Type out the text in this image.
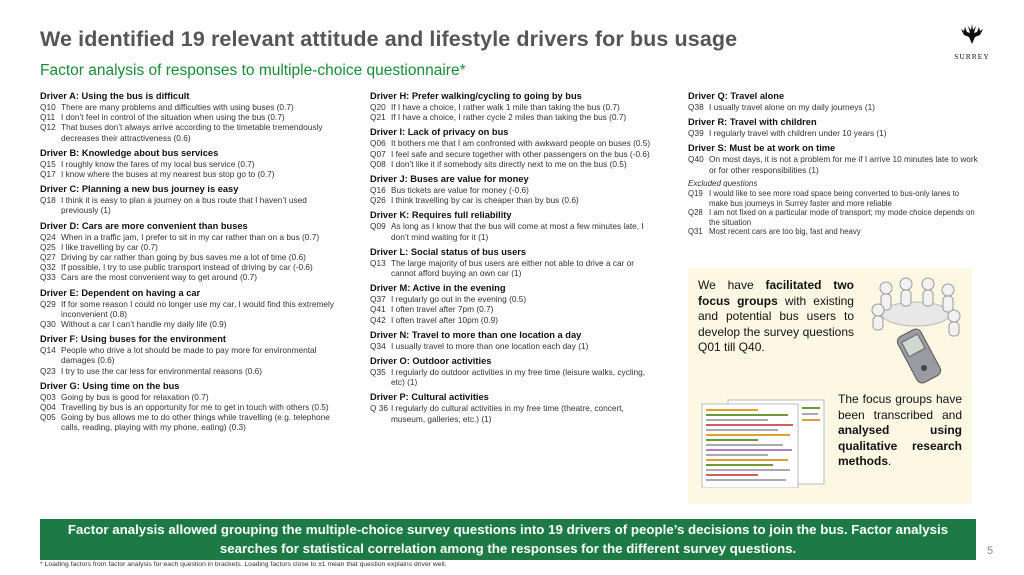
We identified 19 relevant attitude and lifestyle drivers for bus usage
Factor analysis of responses to multiple-choice questionnaire*
SURREY
Driver A: Using the bus is difficult
Q10 There are many problems and difficulties with using buses (0.7)
Q11 I don’t feel in control of the situation when using the bus (0.7)
Q12 That buses don’t always arrive according to the timetable tremendously decreases their attractiveness (0.6)
Driver B: Knowledge about bus services
Q15 I roughly know the fares of my local bus service (0.7)
Q17 I know where the buses at my nearest bus stop go to (0.7)
Driver C: Planning a new bus journey is easy
Q18 I think it is easy to plan a journey on a bus route that I haven’t used previously (1)
Driver D: Cars are more convenient than buses
Q24 When in a traffic jam, I prefer to sit in my car rather than on a bus (0.7)
Q25 I like travelling by car (0.7)
Q27 Driving by car rather than going by bus saves me a lot of time (0.6)
Q32 If possible, I try to use public transport instead of driving by car (-0.6)
Q33 Cars are the most convenient way to get around (0.7)
Driver E: Dependent on having a car
Q29 If for some reason I could no longer use my car, I would find this extremely inconvenient (0.8)
Q30 Without a car I can’t handle my daily life (0.9)
Driver F: Using buses for the environment
Q14 People who drive a lot should be made to pay more for environmental damages (0.6)
Q23 I try to use the car less for environmental reasons (0.6)
Driver G: Using time on the bus
Q03 Going by bus is good for relaxation (0.7)
Q04 Travelling by bus is an opportunity for me to get in touch with others (0.5)
Q05 Going by bus allows me to do other things while travelling (e.g. telephone calls, reading, playing with my phone, eating) (0.3)
Driver H: Prefer walking/cycling to going by bus
Q20 If I have a choice, I rather walk 1 mile than taking the bus (0.7)
Q21 If I have a choice, I rather cycle 2 miles than taking the bus (0.7)
Driver I: Lack of privacy on bus
Q06 It bothers me that I am confronted with awkward people on buses (0.5)
Q07 I feel safe and secure together with other passengers on the bus (-0.6)
Q08 I don’t like it if somebody sits directly next to me on the bus (0.5)
Driver J: Buses are value for money
Q16 Bus tickets are value for money (-0.6)
Q26 I think travelling by car is cheaper than by bus (0.6)
Driver K: Requires full reliability
Q09 As long as I know that the bus will come at most a few minutes late, I don’t mind waiting for it (1)
Driver L: Social status of bus users
Q13 The large majority of bus users are either not able to drive a car or cannot afford buying an own car (1)
Driver M: Active in the evening
Q37 I regularly go out in the evening (0.5)
Q41 I often travel after 7pm (0.7)
Q42 I often travel after 10pm (0.9)
Driver N: Travel to more than one location a day
Q34 I usually travel to more than one location each day (1)
Driver O: Outdoor activities
Q35 I regularly do outdoor activities in my free time (leisure walks, cycling, etc) (1)
Driver P: Cultural activities
Q 36 I regularly do cultural activities in my free time (theatre, concert, museum, galleries, etc.) (1)
Driver Q: Travel alone
Q38 I usually travel alone on my daily journeys (1)
Driver R: Travel with children
Q39 I regularly travel with children under 10 years (1)
Driver S: Must be at work on time
Q40 On most days, it is not a problem for me if I arrive 10 minutes late to work or for other responsibilities (1)
Excluded questions
Q19 I would like to see more road space being converted to bus-only lanes to make bus journeys in Surrey faster and more reliable
Q28 I am not fixed on a particular mode of transport; my mode choice depends on the situation
Q31 Most recent cars are too big, fast and heavy
We have facilitated two focus groups with existing and potential bus users to develop the survey questions Q01 till Q40.
The focus groups have been transcribed and analysed using qualitative research methods.
Factor analysis allowed grouping the multiple-choice survey questions into 19 drivers of people’s decisions to join the bus. Factor analysis searches for statistical correlation among the responses for the different survey questions.
* Loading factors from factor analysis for each question in brackets. Loading factors close to ±1 mean that question explains driver well.
5
